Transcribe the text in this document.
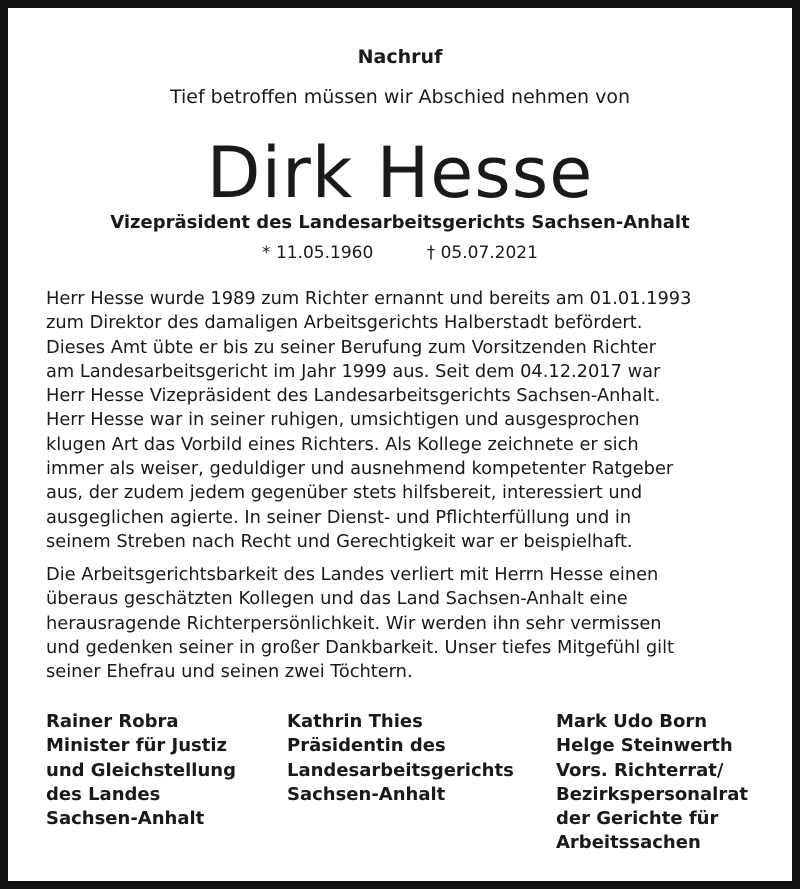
Nachruf
Tief betroffen müssen wir Abschied nehmen von
Dirk Hesse
Vizepräsident des Landesarbeitsgerichts Sachsen-Anhalt
* 11.05.1960	† 05.07.2021
Herr Hesse wurde 1989 zum Richter ernannt und bereits am 01.01.1993
zum Direktor des damaligen Arbeitsgerichts Halberstadt befördert.
Dieses Amt übte er bis zu seiner Berufung zum Vorsitzenden Richter
am Landesarbeitsgericht im Jahr 1999 aus. Seit dem 04.12.2017 war
Herr Hesse Vizepräsident des Landesarbeitsgerichts Sachsen-Anhalt.
Herr Hesse war in seiner ruhigen, umsichtigen und ausgesprochen
klugen Art das Vorbild eines Richters. Als Kollege zeichnete er sich
immer als weiser, geduldiger und ausnehmend kompetenter Ratgeber
aus, der zudem jedem gegenüber stets hilfsbereit, interessiert und
ausgeglichen agierte. In seiner Dienst- und Pflichterfüllung und in
seinem Streben nach Recht und Gerechtigkeit war er beispielhaft.
Die Arbeitsgerichtsbarkeit des Landes verliert mit Herrn Hesse einen
überaus geschätzten Kollegen und das Land Sachsen-Anhalt eine
herausragende Richterpersönlichkeit. Wir werden ihn sehr vermissen
und gedenken seiner in großer Dankbarkeit. Unser tiefes Mitgefühl gilt
seiner Ehefrau und seinen zwei Töchtern.
Rainer Robra
Minister für Justiz
und Gleichstellung
des Landes
Sachsen-Anhalt
Kathrin Thies
Präsidentin des
Landesarbeitsgerichts
Sachsen-Anhalt
Mark Udo Born
Helge Steinwerth
Vors. Richterrat/
Bezirkspersonalrat
der Gerichte für
Arbeitssachen
